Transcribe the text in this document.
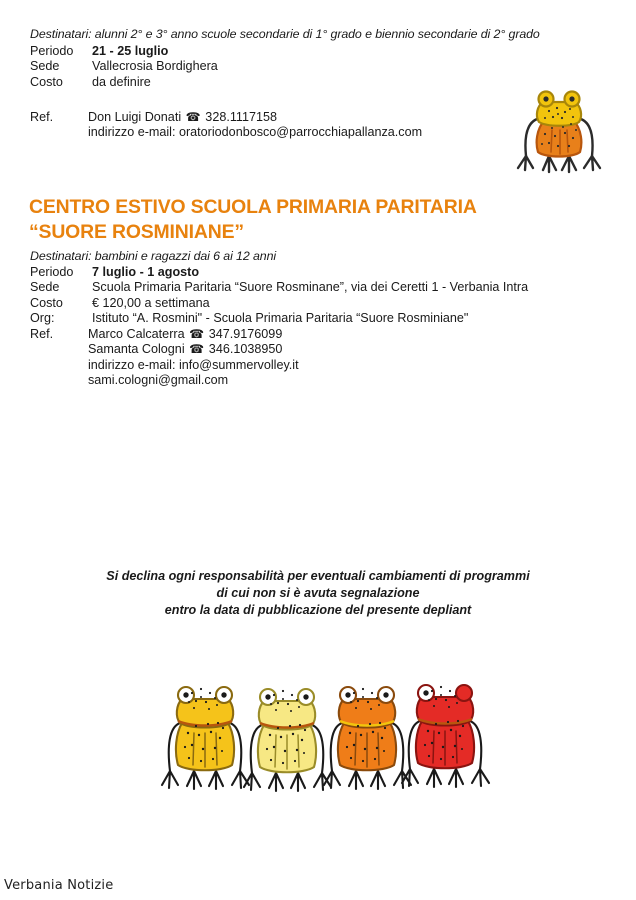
Destinatari: alunni 2° e 3° anno scuole secondarie di 1° grado e biennio secondarie di 2° grado
Periodo	21 - 25 luglio
Sede	Vallecrosia Bordighera
Costo	da definire
Ref.	Don Luigi Donati ☎ 328.1117158
indirizzo e-mail: oratoriodonbosco@parrocchiapallanza.com
CENTRO ESTIVO SCUOLA PRIMARIA PARITARIA
“SUORE ROSMINIANE”
Destinatari: bambini e ragazzi dai 6 ai 12 anni
Periodo	7 luglio - 1 agosto
Sede	Scuola Primaria Paritaria “Suore Rosminane”, via dei Ceretti 1 - Verbania Intra
Costo	€ 120,00 a settimana
Org:	Istituto “A. Rosmini" - Scuola Primaria Paritaria “Suore Rosminiane"
Ref.	Marco Calcaterra ☎ 347.9176099
Samanta Cologni ☎ 346.1038950
indirizzo e-mail: info@summervolley.it
sami.cologni@gmail.com
Si declina ogni responsabilità per eventuali cambiamenti di programmi
di cui non si è avuta segnalazione
entro la data di pubblicazione del presente depliant
Verbania Notizie
